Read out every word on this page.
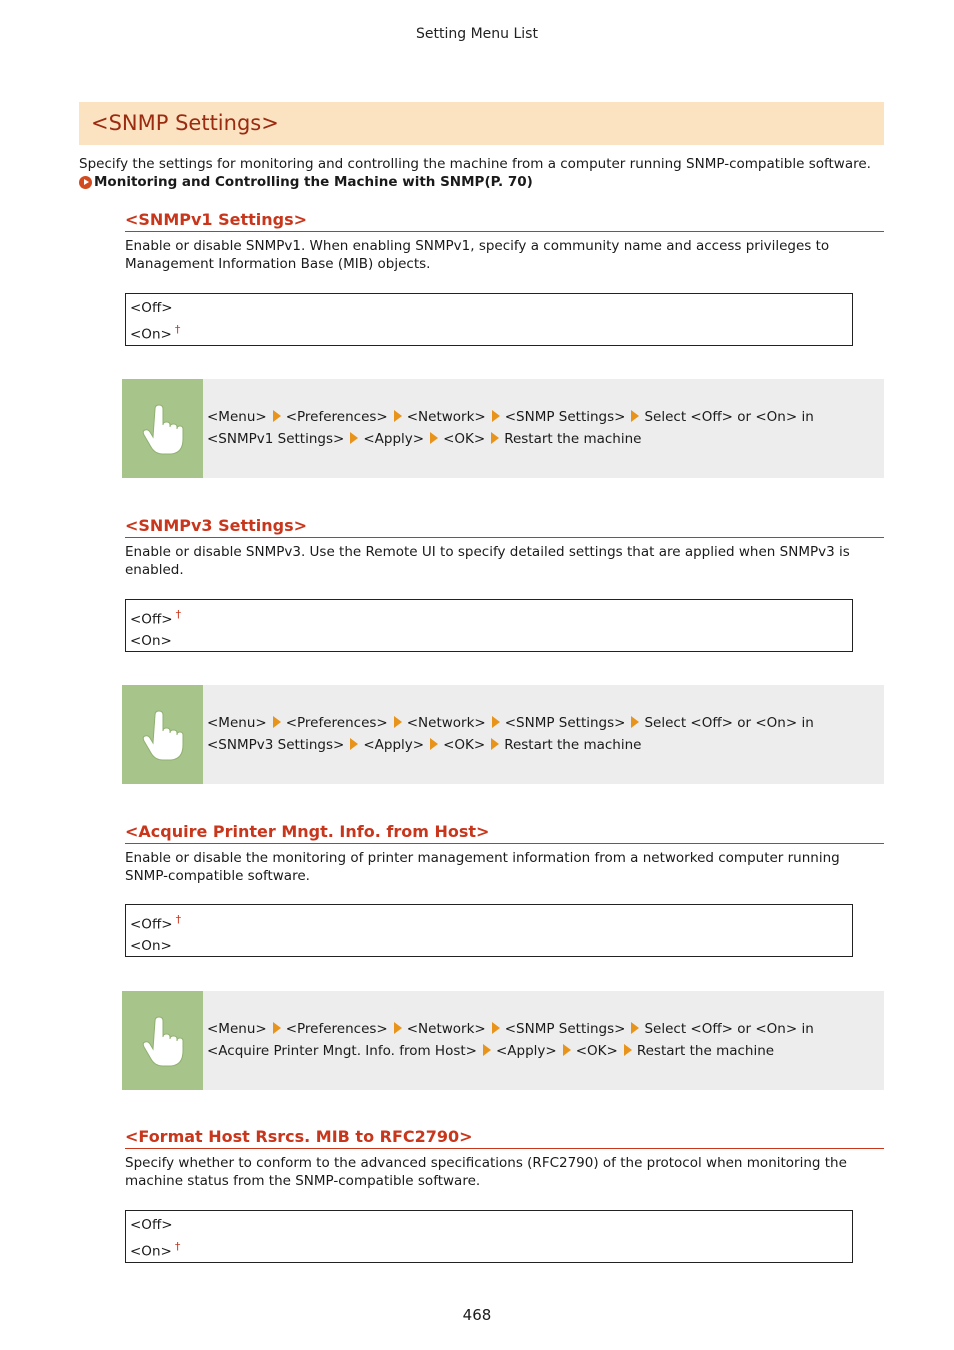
Setting Menu List
<SNMP Settings>

Specify the settings for monitoring and controlling the machine from a computer running SNMP-compatible software.

Monitoring and Controlling the Machine with SNMP(P. 70)

<SNMPv1 Settings>

Enable or disable SNMPv1. When enabling SNMPv1, specify a community name and access privileges to Management Information Base (MIB) objects.

<Off>
<On> †
<Menu> <Preferences> <Network> <SNMP Settings> Select <Off> or <On> in <SNMPv1 Settings> <Apply> <OK> Restart the machine
<SNMPv3 Settings>

Enable or disable SNMPv3. Use the Remote UI to specify detailed settings that are applied when SNMPv3 is enabled.

<Off> †
<On>
<Menu> <Preferences> <Network> <SNMP Settings> Select <Off> or <On> in <SNMPv3 Settings> <Apply> <OK> Restart the machine
<Acquire Printer Mngt. Info. from Host>

Enable or disable the monitoring of printer management information from a networked computer running SNMP-compatible software.

<Off> †
<On>
<Menu> <Preferences> <Network> <SNMP Settings> Select <Off> or <On> in <Acquire Printer Mngt. Info. from Host> <Apply> <OK> Restart the machine
<Format Host Rsrcs. MIB to RFC2790>

Specify whether to conform to the advanced specifications (RFC2790) of the protocol when monitoring the machine status from the SNMP-compatible software.

<Off>
<On> †
468
